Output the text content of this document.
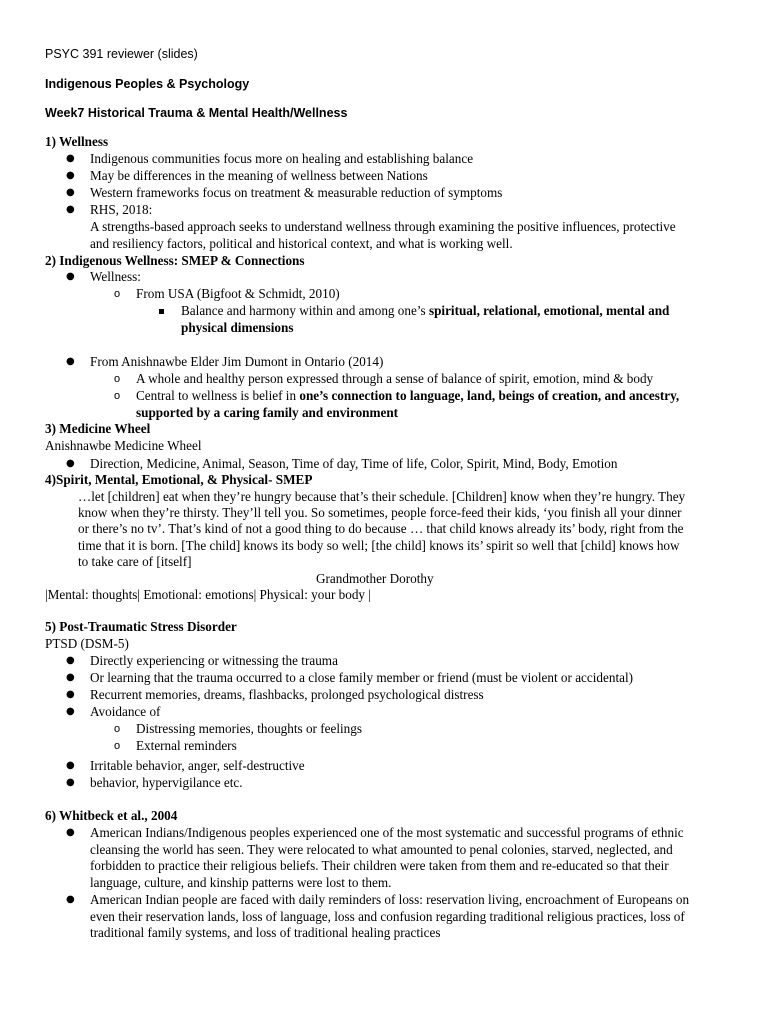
PSYC 391 reviewer (slides)
Indigenous Peoples & Psychology
Week7 Historical Trauma & Mental Health/Wellness
1) Wellness
● Indigenous communities focus more on healing and establishing balance
● May be differences in the meaning of wellness between Nations
● Western frameworks focus on treatment & measurable reduction of symptoms
● RHS, 2018:
A strengths-based approach seeks to understand wellness through examining the positive influences, protective
and resiliency factors, political and historical context, and what is working well.
2) Indigenous Wellness: SMEP & Connections
● Wellness:
o From USA (Bigfoot & Schmidt, 2010)
Balance and harmony within and among one’s spiritual, relational, emotional, mental and
physical dimensions
● From Anishnawbe Elder Jim Dumont in Ontario (2014)
o A whole and healthy person expressed through a sense of balance of spirit, emotion, mind & body
o Central to wellness is belief in one’s connection to language, land, beings of creation, and ancestry,
supported by a caring family and environment
3) Medicine Wheel
Anishnawbe Medicine Wheel
● Direction, Medicine, Animal, Season, Time of day, Time of life, Color, Spirit, Mind, Body, Emotion
4)Spirit, Mental, Emotional, & Physical- SMEP
…let [children] eat when they’re hungry because that’s their schedule. [Children] know when they’re hungry. They
know when they’re thirsty. They’ll tell you. So sometimes, people force-feed their kids, ‘you finish all your dinner
or there’s no tv’. That’s kind of not a good thing to do because … that child knows already its’ body, right from the
time that it is born. [The child] knows its body so well; [the child] knows its’ spirit so well that [child] knows how
to take care of [itself]
Grandmother Dorothy
|Mental: thoughts| Emotional: emotions| Physical: your body |
5) Post-Traumatic Stress Disorder
PTSD (DSM-5)
● Directly experiencing or witnessing the trauma
● Or learning that the trauma occurred to a close family member or friend (must be violent or accidental)
● Recurrent memories, dreams, flashbacks, prolonged psychological distress
● Avoidance of
o Distressing memories, thoughts or feelings
o External reminders
● Irritable behavior, anger, self-destructive
● behavior, hypervigilance etc.
6) Whitbeck et al., 2004
● American Indians/Indigenous peoples experienced one of the most systematic and successful programs of ethnic
cleansing the world has seen. They were relocated to what amounted to penal colonies, starved, neglected, and
forbidden to practice their religious beliefs. Their children were taken from them and re-educated so that their
language, culture, and kinship patterns were lost to them.
● American Indian people are faced with daily reminders of loss: reservation living, encroachment of Europeans on
even their reservation lands, loss of language, loss and confusion regarding traditional religious practices, loss of
traditional family systems, and loss of traditional healing practices
